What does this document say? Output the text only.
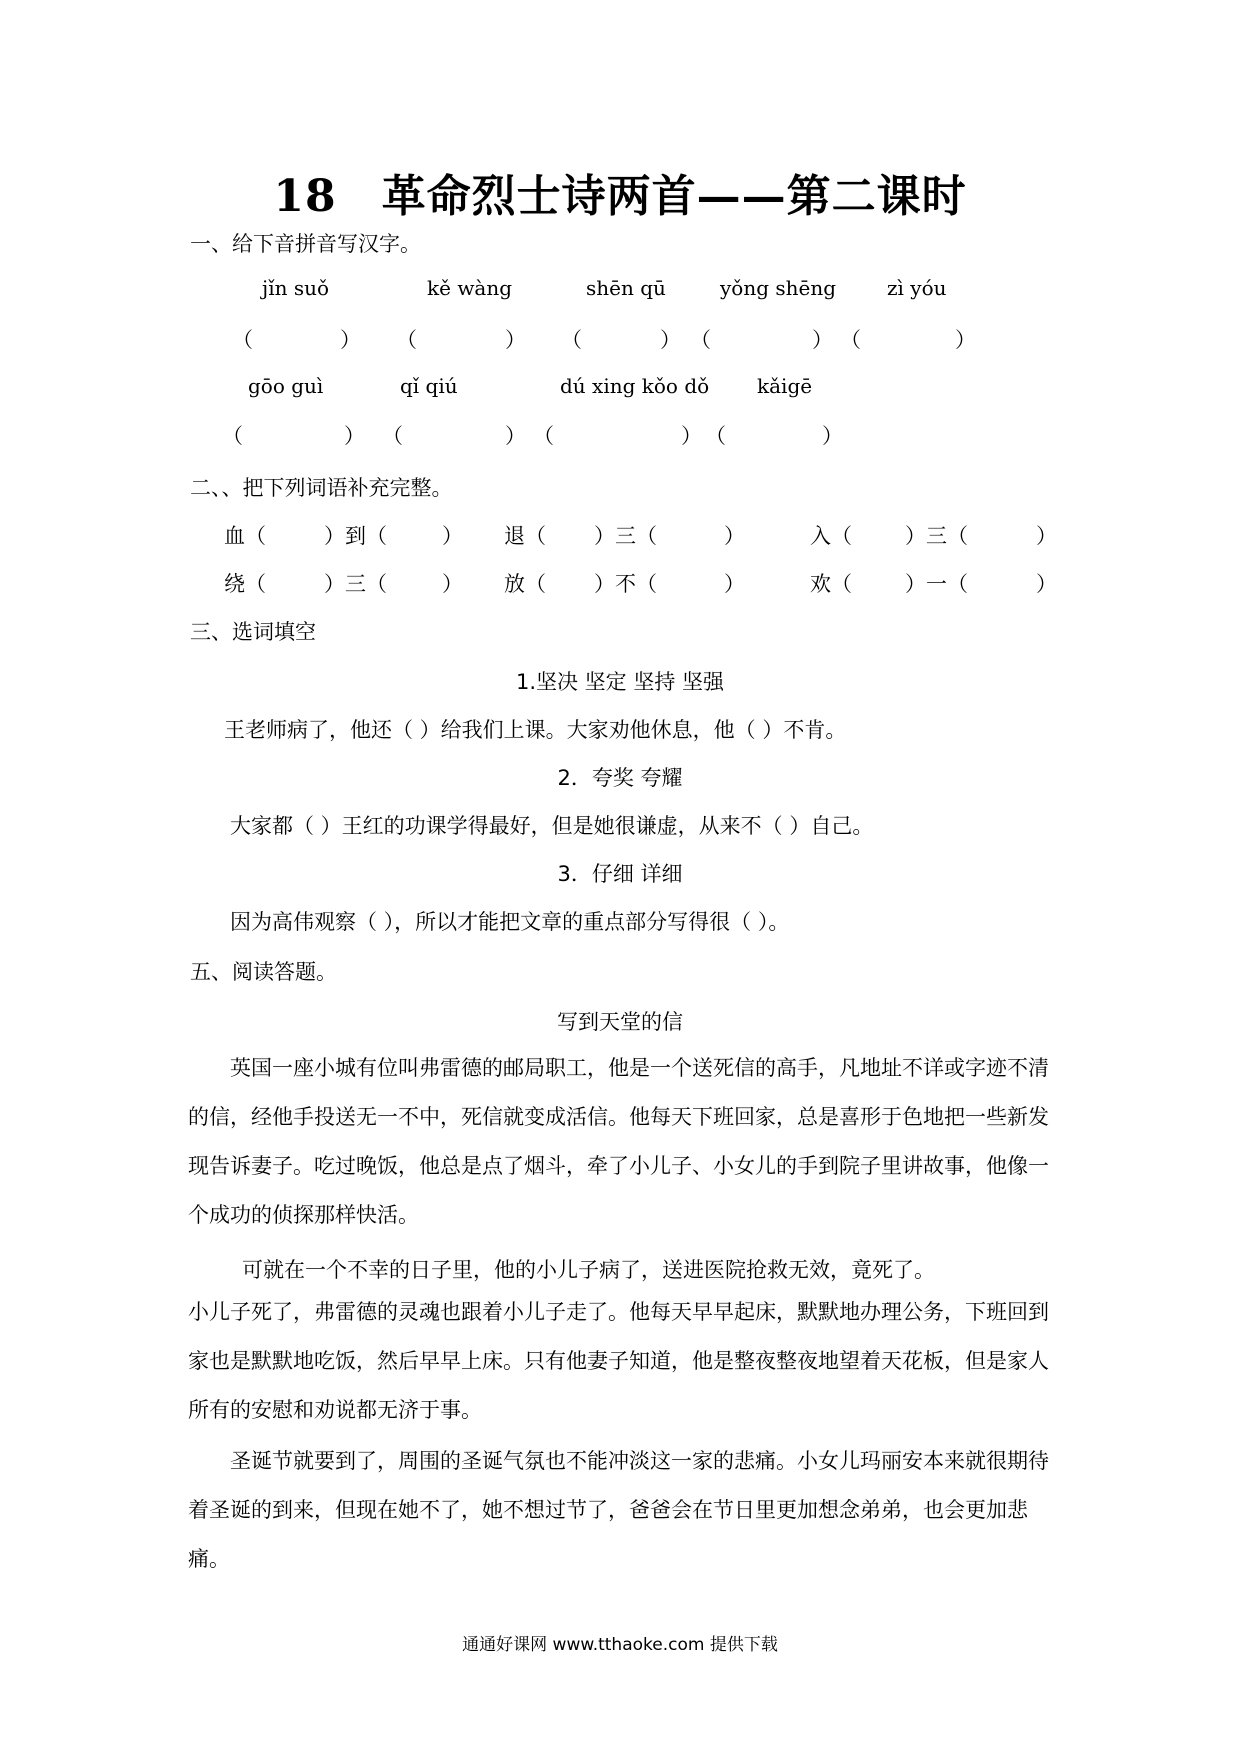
18　革命烈士诗两首——第二课时
一、给下音拼音写汉字。
jǐn suǒ	kě wàng	shēn qū	yǒng shēng	zì yóu
（	） （	） （	） （	） （	）
gōo guì	qǐ qiú	dú xing kǒo dǒ kǎigē
（	） （	） （	） （	）
二、、把下列词语补充完整。
血（	）到（	） 退（ ）三（	）	入（	）三（	）
绕（	）三（	） 放（ ）不（	）	欢（	）一（	）
三、选词填空
1.坚决 坚定 坚持 坚强
王老师病了，他还（ ）给我们上课。大家劝他休息，他（ ）不肯。
2．夸奖 夸耀
大家都（ ）王红的功课学得最好，但是她很谦虚，从来不（ ）自己。
3．仔细 详细
因为高伟观察（ ），所以才能把文章的重点部分写得很（ ）。
五、阅读答题。
写到天堂的信
英国一座小城有位叫弗雷德的邮局职工，他是一个送死信的高手，凡地址不详或字迹不清的信，经他手投送无一不中，死信就变成活信。他每天下班回家，总是喜形于色地把一些新发现告诉妻子。吃过晚饭，他总是点了烟斗，牵了小儿子、小女儿的手到院子里讲故事，他像一个成功的侦探那样快活。
可就在一个不幸的日子里，他的小儿子病了，送进医院抢救无效，竟死了。
小儿子死了，弗雷德的灵魂也跟着小儿子走了。他每天早早起床，默默地办理公务，下班回到家也是默默地吃饭，然后早早上床。只有他妻子知道，他是整夜整夜地望着天花板，但是家人所有的安慰和劝说都无济于事。
圣诞节就要到了，周围的圣诞气氛也不能冲淡这一家的悲痛。小女儿玛丽安本来就很期待着圣诞的到来，但现在她不了，她不想过节了，爸爸会在节日里更加想念弟弟，也会更加悲痛。
通通好课网 www.tthaoke.com 提供下载
